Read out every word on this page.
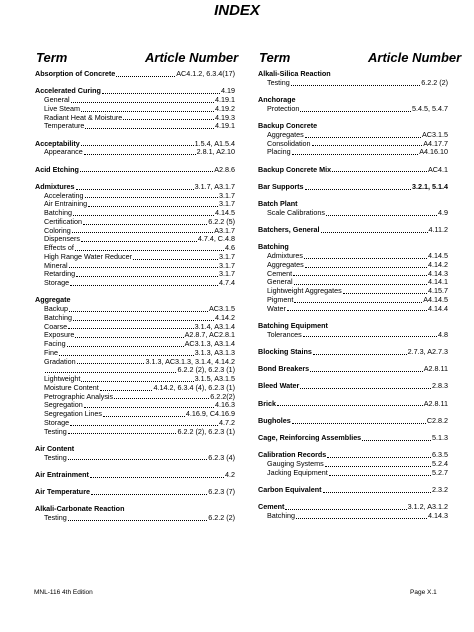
INDEX
Term	Article Number Term	Article Number
Absorption of Concrete	AC4.1.2, 6.3.4(17)
Accelerated Curing	4.19
General	4.19.1
Live Steam	4.19.2
Radiant Heat & Moisture	4.19.3
Temperature	4.19.1
Acceptability	1.5.4, A1.5.4
Appearance	2.8.1, A2.10
Acid Etching	A2.8.6
Admixtures	3.1.7, A3.1.7
Accelerating	3.1.7
Air Entraining	3.1.7
Batching	4.14.5
Certification	6.2.2 (5)
Coloring	A3.1.7
Dispensers	4.7.4, C.4.8
Effects of	4.6
High Range Water Reducer	3.1.7
Mineral	3.1.7
Retarding	3.1.7
Storage	4.7.4
Aggregate
Backup	AC3.1.5
Batching	4.14.2
Coarse	3.1.4, A3.1.4
Exposure	A2.8.7, AC2.8.1
Facing	AC3.1.3, A3.1.4
Fine	3.1.3, A3.1.3
Gradation	3.1.3, AC3.1.3, 3.1.4, 4.14.2
6.2.2 (2), 6.2.3 (1)
Lightweight	3.1.5, A3.1.5
Moisture Content	4.14.2, 6.3.4 (4), 6.2.3 (1)
Petrographic Analysis	6.2.2(2)
Segregation	4.16.3
Segregation Lines	4.16.9, C4.16.9
Storage	4.7.2
Testing	6.2.2 (2), 6.2.3 (1)
Air Content
Testing	6.2.3 (4)
Air Entrainment	4.2
Air Temperature	6.2.3 (7)
Alkali-Carbonate Reaction
Testing	6.2.2 (2)
Alkali-Silica Reaction
Testing	6.2.2 (2)
Anchorage
Protection	5.4.5, 5.4.7
Backup Concrete
Aggregates	AC3.1.5
Consolidation	A4.17.7
Placing	A4.16.10
Backup Concrete Mix	AC4.1
Bar Supports	3.2.1, 5.1.4
Batch Plant
Scale Calibrations	4.9
Batchers, General	4.11.2
Batching
Admixtures	4.14.5
Aggregates	4.14.2
Cement	4.14.3
General	4.14.1
Lightweight Aggregates	4.15.7
Pigment	A4.14.5
Water	4.14.4
Batching Equipment
Tolerances	4.8
Blocking Stains	2.7.3, A2.7.3
Bond Breakers	A2.8.11
Bleed Water	2.8.3
Brick	A2.8.11
Bugholes	C2.8.2
Cage, Reinforcing Assemblies	5.1.3
Calibration Records	6.3.5
Gauging Systems	5.2.4
Jacking Equipment	5.2.7
Carbon Equivalent	2.3.2
Cement	3.1.2, A3.1.2
Batching	4.14.3
MNL-116 4th Edition	Page X.1
